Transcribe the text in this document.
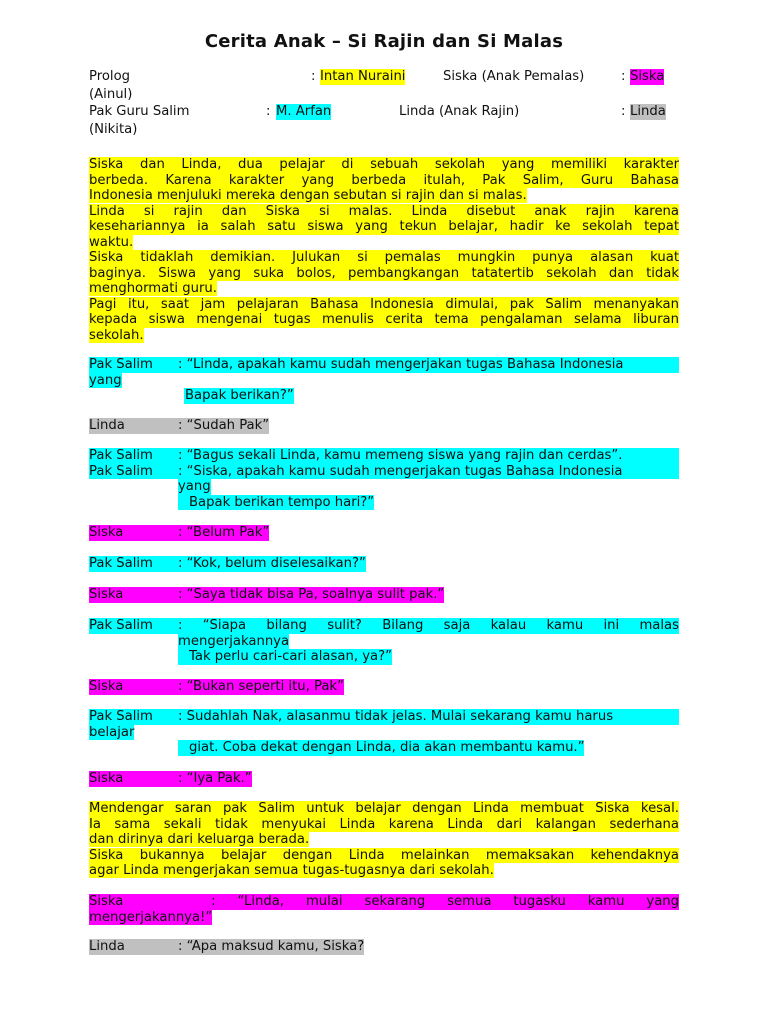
Cerita Anak – Si Rajin dan Si Malas
Prolog	: Intan Nuraini	Siska (Anak Pemalas)	: Siska
(Ainul)
Pak Guru Salim	: M. Arfan	Linda (Anak Rajin)	: Linda
(Nikita)
Siska dan Linda, dua pelajar di sebuah sekolah yang memiliki karakter
berbeda. Karena karakter yang berbeda itulah, Pak Salim, Guru Bahasa
Indonesia menjuluki mereka dengan sebutan si rajin dan si malas.
Linda si rajin dan Siska si malas. Linda disebut anak rajin karena
kesehariannya ia salah satu siswa yang tekun belajar, hadir ke sekolah tepat
waktu.
Siska tidaklah demikian. Julukan si pemalas mungkin punya alasan kuat
baginya. Siswa yang suka bolos, pembangkangan tatatertib sekolah dan tidak
menghormati guru.
Pagi itu, saat jam pelajaran Bahasa Indonesia dimulai, pak Salim menanyakan
kepada siswa mengenai tugas menulis cerita tema pengalaman selama liburan
sekolah.
Pak Salim : “Linda, apakah kamu sudah mengerjakan tugas Bahasa Indonesia
yang
Bapak berikan?”
Linda	: “Sudah Pak”
Pak Salim : “Bagus sekali Linda, kamu memeng siswa yang rajin dan cerdas”.
Pak Salim : “Siska, apakah kamu sudah mengerjakan tugas Bahasa Indonesia
yang
Bapak berikan tempo hari?”
Siska	: “Belum Pak”
Pak Salim	: “Kok, belum diselesaikan?”
Siska	: “Saya tidak bisa Pa, soalnya sulit pak.”
Pak Salim : “Siapa bilang sulit? Bilang saja kalau kamu ini malas
mengerjakannya
Tak perlu cari-cari alasan, ya?”
Siska	: “Bukan seperti itu, Pak”
Pak Salim : Sudahlah Nak, alasanmu tidak jelas. Mulai sekarang kamu harus
belajar
giat. Coba dekat dengan Linda, dia akan membantu kamu.”
Siska	: “Iya Pak.”
Mendengar saran pak Salim untuk belajar dengan Linda membuat Siska kesal.
Ia sama sekali tidak menyukai Linda karena Linda dari kalangan sederhana
dan dirinya dari keluarga berada.
Siska bukannya belajar dengan Linda melainkan memaksakan kehendaknya
agar Linda mengerjakan semua tugas-tugasnya dari sekolah.
Siska        :  “Linda,  mulai  sekarang  semua  tugasku  kamu  yang
mengerjakannya!”
Linda	: “Apa maksud kamu, Siska?
